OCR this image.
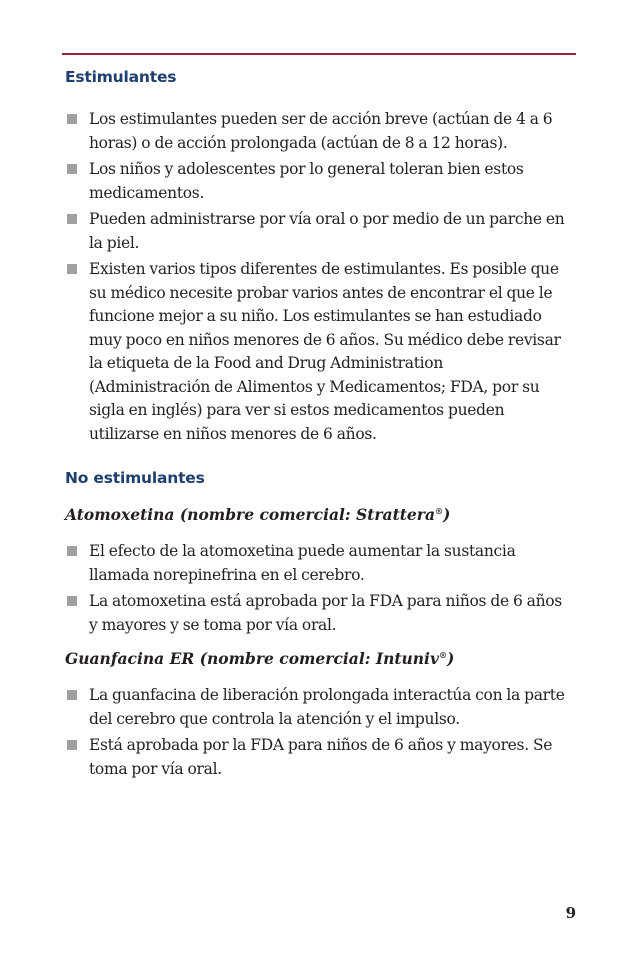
Estimulantes
Los estimulantes pueden ser de acción breve (actúan de 4 a 6 horas) o de acción prolongada (actúan de 8 a 12 horas).
Los niños y adolescentes por lo general toleran bien estos medicamentos.
Pueden administrarse por vía oral o por medio de un parche en la piel.
Existen varios tipos diferentes de estimulantes. Es posible que su médico necesite probar varios antes de encontrar el que le funcione mejor a su niño. Los estimulantes se han estudiado muy poco en niños menores de 6 años. Su médico debe revisar la etiqueta de la Food and Drug Administration (Administración de Alimentos y Medicamentos; FDA, por su sigla en inglés) para ver si estos medicamentos pueden utilizarse en niños menores de 6 años.
No estimulantes
Atomoxetina (nombre comercial: Strattera®)
El efecto de la atomoxetina puede aumentar la sustancia llamada norepinefrina en el cerebro.
La atomoxetina está aprobada por la FDA para niños de 6 años y mayores y se toma por vía oral.
Guanfacina ER (nombre comercial: Intuniv®)
La guanfacina de liberación prolongada interactúa con la parte del cerebro que controla la atención y el impulso.
Está aprobada por la FDA para niños de 6 años y mayores. Se toma por vía oral.
9
